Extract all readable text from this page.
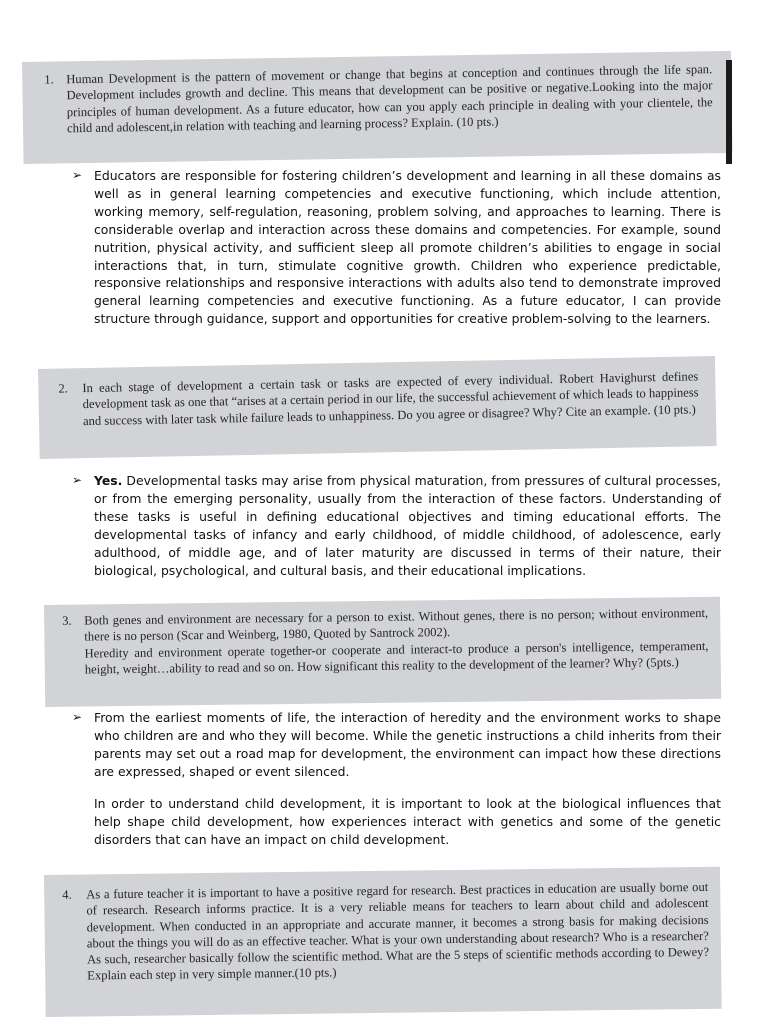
1. Human Development is the pattern of movement or change that begins at conception and continues through the life span. Development includes growth and decline. This means that development can be positive or negative.Looking into the major principles of human development. As a future educator, how can you apply each principle in dealing with your clientele, the child and adolescent,in relation with teaching and learning process? Explain. (10 pts.)

➢ Educators are responsible for fostering children’s development and learning in all these domains as well as in general learning competencies and executive functioning, which include attention, working memory, self-regulation, reasoning, problem solving, and approaches to learning. There is considerable overlap and interaction across these domains and competencies. For example, sound nutrition, physical activity, and sufficient sleep all promote children’s abilities to engage in social interactions that, in turn, stimulate cognitive growth. Children who experience predictable, responsive relationships and responsive interactions with adults also tend to demonstrate improved general learning competencies and executive functioning. As a future educator, I can provide structure through guidance, support and opportunities for creative problem-solving to the learners.

2. In each stage of development a certain task or tasks are expected of every individual. Robert Havighurst defines development task as one that “arises at a certain period in our life, the successful achievement of which leads to happiness and success with later task while failure leads to unhappiness. Do you agree or disagree? Why? Cite an example. (10 pts.)

➢ Yes. Developmental tasks may arise from physical maturation, from pressures of cultural processes, or from the emerging personality, usually from the interaction of these factors. Understanding of these tasks is useful in defining educational objectives and timing educational efforts. The developmental tasks of infancy and early childhood, of middle childhood, of adolescence, early adulthood, of middle age, and of later maturity are discussed in terms of their nature, their biological, psychological, and cultural basis, and their educational implications.

3. Both genes and environment are necessary for a person to exist. Without genes, there is no person; without environment, there is no person (Scar and Weinberg, 1980, Quoted by Santrock 2002).

Heredity and environment operate together-or cooperate and interact-to produce a person's intelligence, temperament, height, weight…ability to read and so on. How significant this reality to the development of the learner? Why? (5pts.)

➢ From the earliest moments of life, the interaction of heredity and the environment works to shape who children are and who they will become. While the genetic instructions a child inherits from their parents may set out a road map for development, the environment can impact how these directions are expressed, shaped or event silenced.

In order to understand child development, it is important to look at the biological influences that help shape child development, how experiences interact with genetics and some of the genetic disorders that can have an impact on child development.

4. As a future teacher it is important to have a positive regard for research. Best practices in education are usually borne out of research. Research informs practice. It is a very reliable means for teachers to learn about child and adolescent development. When conducted in an appropriate and accurate manner, it becomes a strong basis for making decisions about the things you will do as an effective teacher. What is your own understanding about research? Who is a researcher? As such, researcher basically follow the scientific method. What are the 5 steps of scientific methods according to Dewey? Explain each step in very simple manner.(10 pts.)
